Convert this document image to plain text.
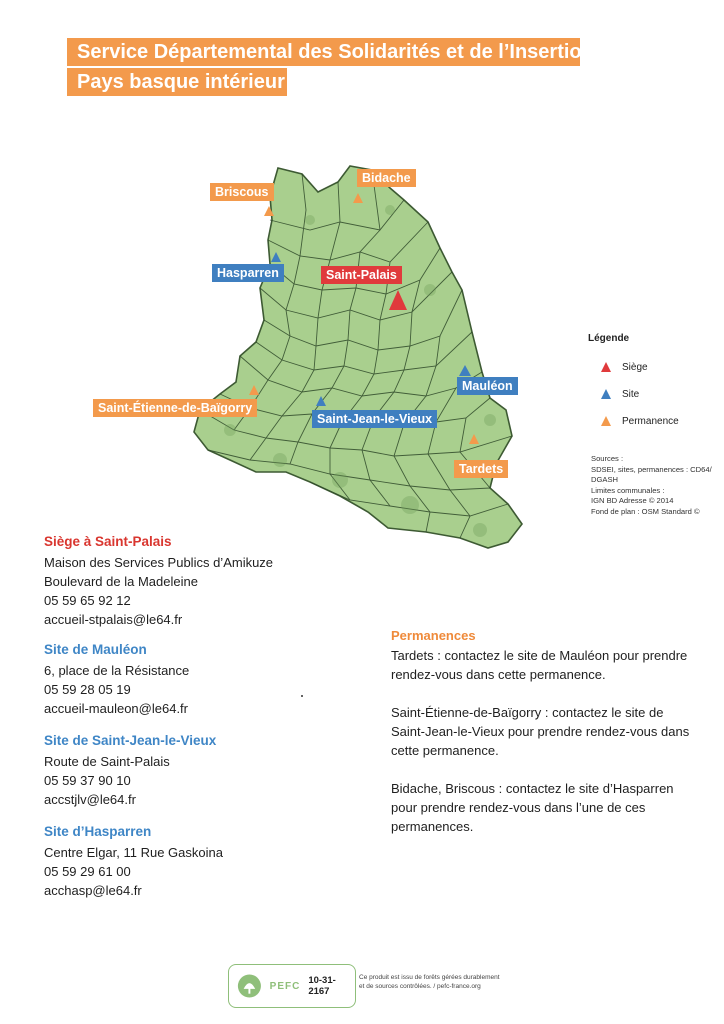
Service Départemental des Solidarités et de l’Insertion
Pays basque intérieur
Briscous
Bidache
Hasparren	Saint-Palais
Mauléon
Saint-Étienne-de-Baïgorry
Saint-Jean-le-Vieux
Tardets
Légende
Siège
Site
Permanence
Sources :
SDSEI, sites, permanences : CD64/
DGASH
Limites communales :
IGN BD Adresse © 2014
Fond de plan : OSM Standard ©
Siège à Saint-Palais
Maison des Services Publics d’Amikuze
Boulevard de la Madeleine
05 59 65 92 12
accueil-stpalais@le64.fr
Site de Mauléon
6, place de la Résistance
05 59 28 05 19
accueil-mauleon@le64.fr
Site de Saint-Jean-le-Vieux
Route de Saint-Palais
05 59 37 90 10
accstjlv@le64.fr
Site d’Hasparren
Centre Elgar, 11 Rue Gaskoina
05 59 29 61 00
acchasp@le64.fr
Permanences

Tardets : contactez le site de Mauléon pour prendre rendez-vous dans cette permanence.

Saint-Étienne-de-Baïgorry : contactez le site de Saint-Jean-le-Vieux pour prendre rendez-vous dans cette permanence.

Bidache, Briscous : contactez le site d’Hasparren pour prendre rendez-vous dans l’une de ces permanences.

PEFC 10-31-2167
Ce produit est issu de forêts gérées durablement
et de sources contrôlées. / pefc-france.org
